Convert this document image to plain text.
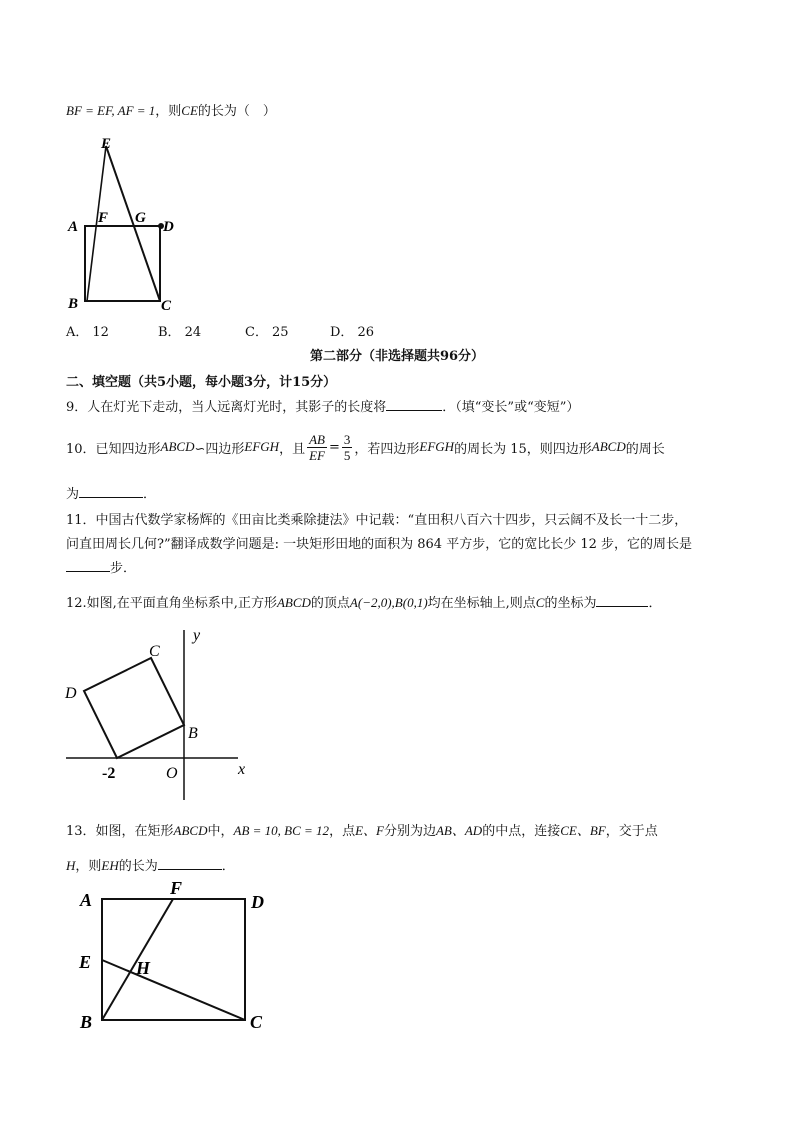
BF = EF, AF = 1，则CE的长为（　）
E
A
F G
D
B	C
A． 12	B． 24	C． 25	D． 26
第二部分（非选择题共96分）
二、填空题（共5小题，每小题3分，计15分）
9．人在灯光下走动，当人远离灯光时，其影子的长度将	．（填“变长”或“变短”）
10．已知四边形 ABCD ∽四边形 EFGH ，且 $\frac{AB}{EF} = \frac{3}{5}$ ，若四边形 EFGH 的周长为 15，则四边形 ABCD 的周长
为	．
11．中国古代数学家杨辉的《田亩比类乘除捷法》中记载：“直田积八百六十四步，只云阔不及长一十二步，
问直田周长几何?”翻译成数学问题是: 一块矩形田地的面积为 864 平方步，它的宽比长少 12 步，它的周长是
步．
12.如图,在平面直角坐标系中,正方形ABCD的顶点A(−2,0),B(0,1)均在坐标轴上,则点C的坐标为	．
y
x
C
D
B
O
-2
13．如图，在矩形ABCD中，AB = 10, BC = 12，点E、F分别为边AB、AD的中点，连接CE、BF，交于点
H，则EH的长为	．
A
F
D
E H
B	C
